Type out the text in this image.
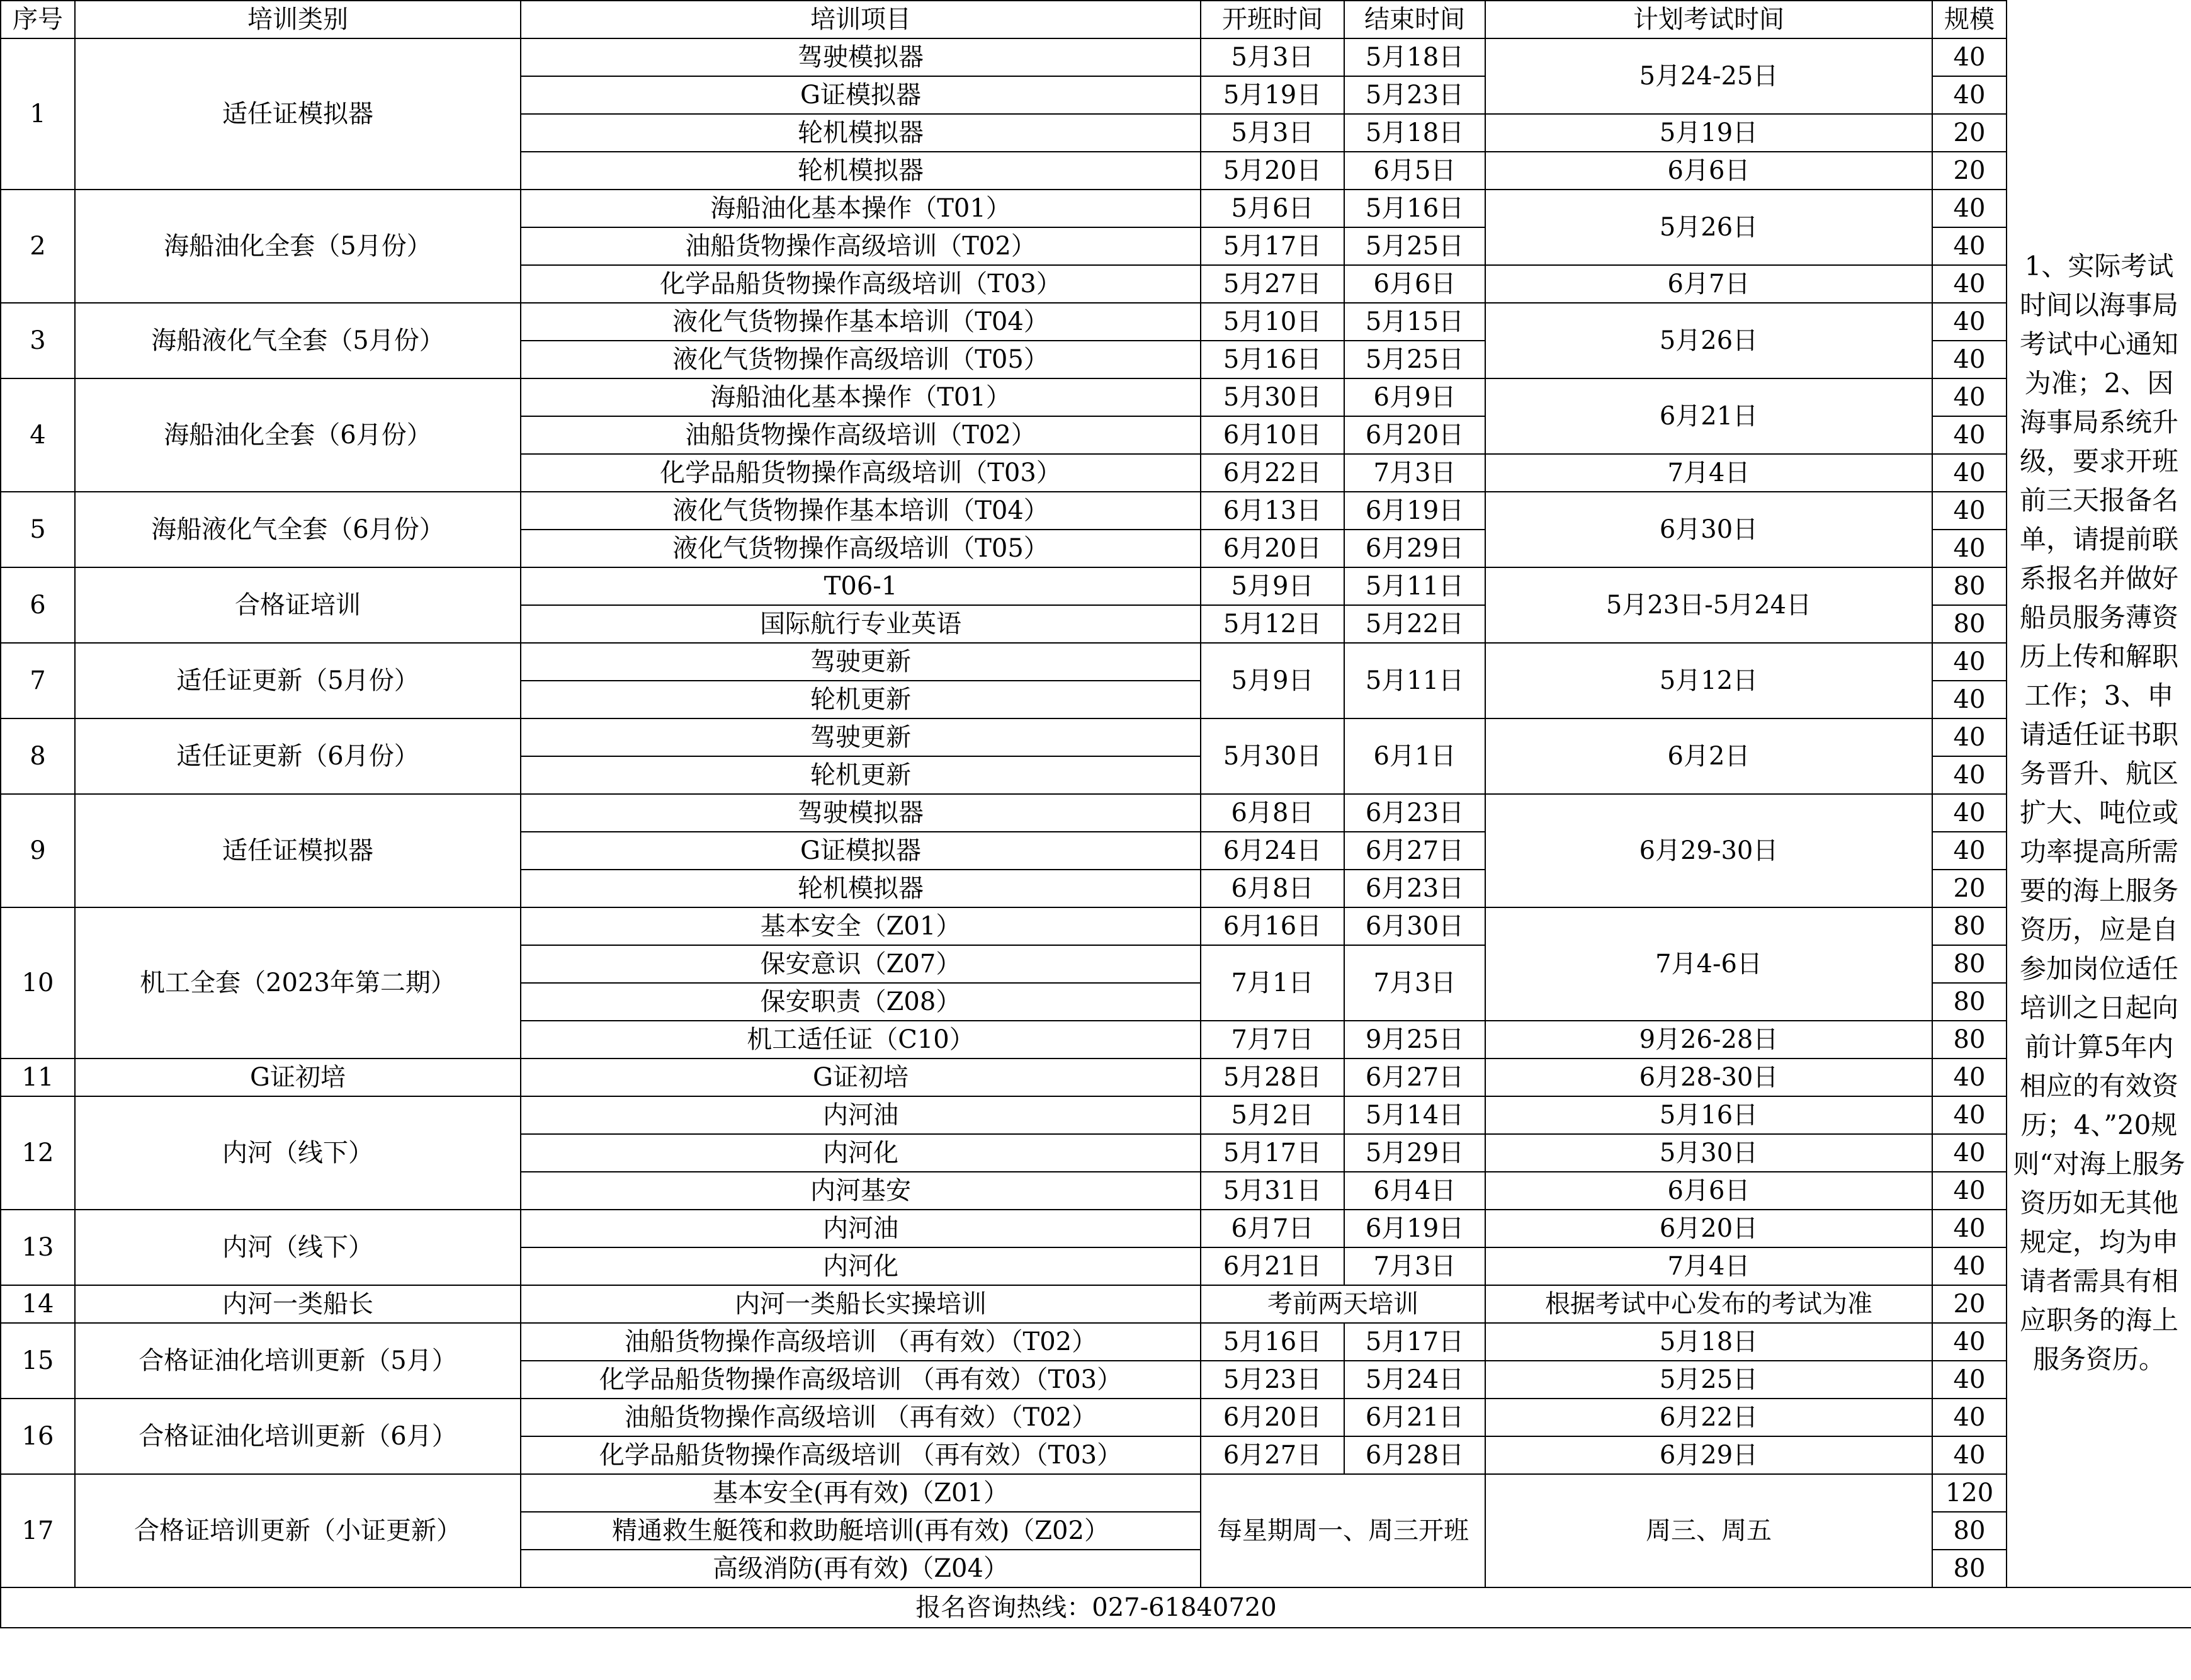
序号	培训类别	培训项目	开班时间	结束时间	计划考试时间	规模	
1	适任证模拟器	驾驶模拟器	5月3日	5月18日	5月24-25日	40	1、实际考试时间以海事局考试中心通知为准；2、因海事局系统升级，要求开班前三天报备名单，请提前联系报名并做好船员服务薄资历上传和解职工作；3、申请适任证书职务晋升、航区扩大、吨位或功率提高所需要的海上服务资历，应是自参加岗位适任培训之日起向前计算5年内相应的有效资历；4、”20规则“对海上服务资历如无其他规定，均为申请者需具有相应职务的海上服务资历。
		G证模拟器	5月19日	5月23日		40	
		轮机模拟器	5月3日	5月18日	5月19日	20	
		轮机模拟器	5月20日	6月5日	6月6日	20	
2	海船油化全套（5月份）	海船油化基本操作（T01）	5月6日	5月16日	5月26日	40	
		油船货物操作高级培训（T02）	5月17日	5月25日		40	
		化学品船货物操作高级培训（T03）	5月27日	6月6日	6月7日	40	
3	海船液化气全套（5月份）	液化气货物操作基本培训（T04）	5月10日	5月15日	5月26日	40	
		液化气货物操作高级培训（T05）	5月16日	5月25日		40	
4	海船油化全套（6月份）	海船油化基本操作（T01）	5月30日	6月9日	6月21日	40	
		油船货物操作高级培训（T02）	6月10日	6月20日		40	
		化学品船货物操作高级培训（T03）	6月22日	7月3日	7月4日	40	
5	海船液化气全套（6月份）	液化气货物操作基本培训（T04）	6月13日	6月19日	6月30日	40	
		液化气货物操作高级培训（T05）	6月20日	6月29日		40	
6	合格证培训	T06-1	5月9日	5月11日	5月23日-5月24日	80	
		国际航行专业英语	5月12日	5月22日		80	
7	适任证更新（5月份）	驾驶更新	5月9日	5月11日	5月12日	40	
		轮机更新				40	
8	适任证更新（6月份）	驾驶更新	5月30日	6月1日	6月2日	40	
		轮机更新				40	
9	适任证模拟器	驾驶模拟器	6月8日	6月23日	6月29-30日	40	
		G证模拟器	6月24日	6月27日		40	
		轮机模拟器	6月8日	6月23日		20	
10	机工全套（2023年第二期）	基本安全（Z01）	6月16日	6月30日	7月4-6日	80	
		保安意识（Z07）	7月1日	7月3日		80	
		保安职责（Z08）				80	
		机工适任证（C10）	7月7日	9月25日	9月26-28日	80	
11	G证初培	G证初培	5月28日	6月27日	6月28-30日	40	
12	内河（线下）	内河油	5月2日	5月14日	5月16日	40	
		内河化	5月17日	5月29日	5月30日	40	
		内河基安	5月31日	6月4日	6月6日	40	
13	内河（线下）	内河油	6月7日	6月19日	6月20日	40	
		内河化	6月21日	7月3日	7月4日	40	
14	内河一类船长	内河一类船长实操培训	考前两天培训		根据考试中心发布的考试为准	20	
15	合格证油化培训更新（5月）	油船货物操作高级培训 （再有效）（T02）	5月16日	5月17日	5月18日	40	
		化学品船货物操作高级培训 （再有效）（T03）	5月23日	5月24日	5月25日	40	
16	合格证油化培训更新（6月）	油船货物操作高级培训 （再有效）（T02）	6月20日	6月21日	6月22日	40	
		化学品船货物操作高级培训 （再有效）（T03）	6月27日	6月28日	6月29日	40	
17	合格证培训更新（小证更新）	基本安全(再有效)（Z01）	每星期周一、周三开班		周三、周五	120	
		精通救生艇筏和救助艇培训(再有效)（Z02）				80	
		高级消防(再有效)（Z04）				80	
报名咨询热线：027-61840720							
